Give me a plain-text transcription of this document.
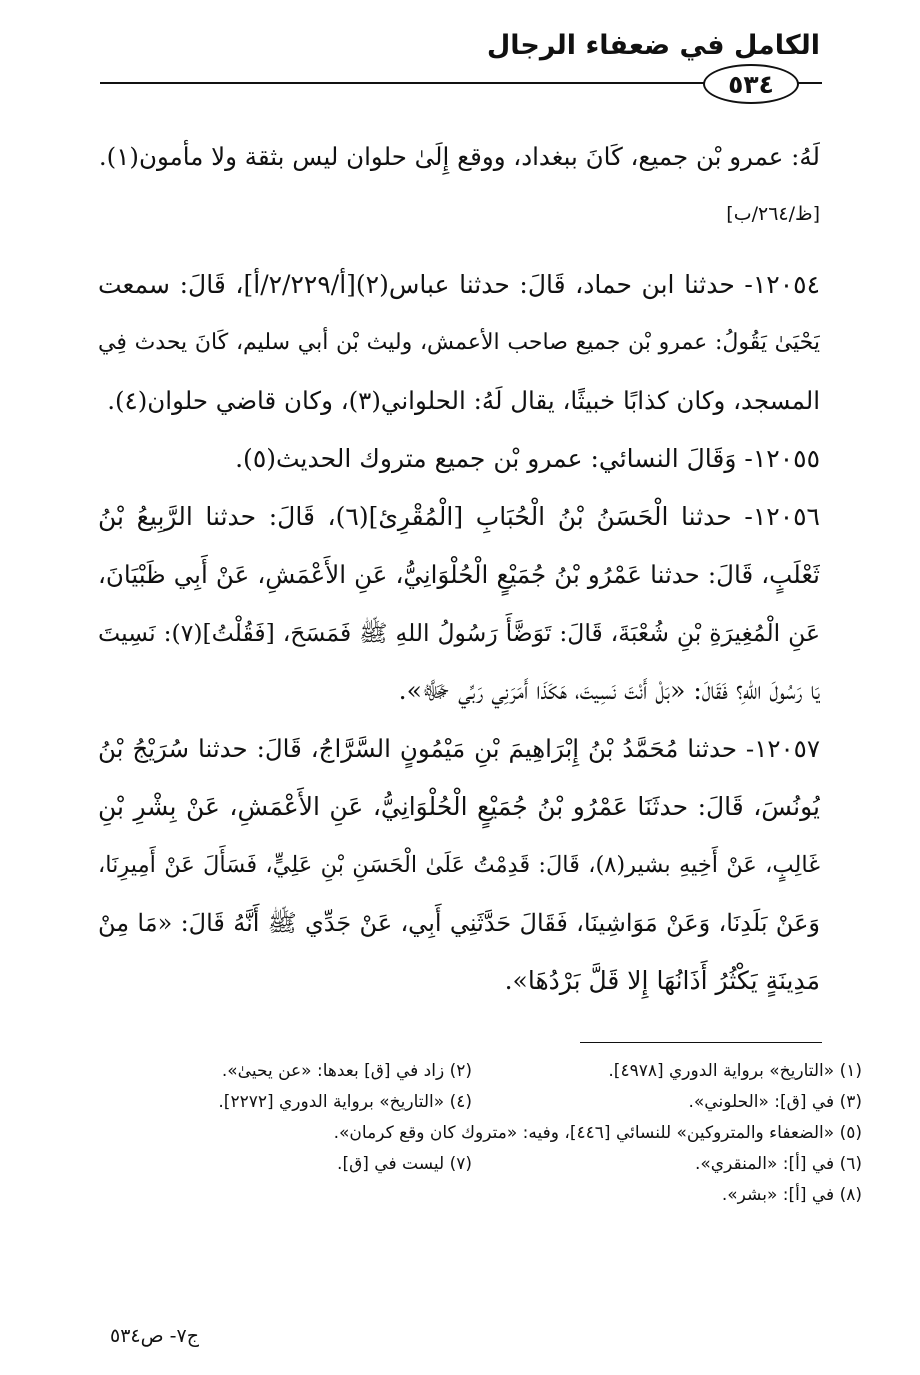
الكامل في ضعفاء الرجال
٥٣٤
لَهُ: عمرو بْن جميع، كَانَ ببغداد، ووقع إِلَىٰ حلوان ليس بثقة ولا مأمون(١).
[ظ/٢٦٤/ب]
١٢٠٥٤- حدثنا ابن حماد، قَالَ: حدثنا عباس(٢)[أ/٢/٢٢٩/أ]، قَالَ: سمعت
يَحْيَىٰ يَقُولُ: عمرو بْن جميع صاحب الأعمش، وليث بْن أبي سليم، كَانَ يحدث فِي
المسجد، وكان كذابًا خبيثًا، يقال لَهُ: الحلواني(٣)، وكان قاضي حلوان(٤).
١٢٠٥٥- وَقَالَ النسائي: عمرو بْن جميع متروك الحديث(٥).
١٢٠٥٦- حدثنا الْحَسَنُ بْنُ الْحُبَابِ [الْمُقْرِئ](٦)، قَالَ: حدثنا الرَّبِيعُ بْنُ
ثَعْلَبٍ، قَالَ: حدثنا عَمْرُو بْنُ جُمَيْعٍ الْحُلْوَانِيُّ، عَنِ الأَعْمَشِ، عَنْ أَبِي ظَبْيَانَ،
عَنِ الْمُغِيرَةِ بْنِ شُعْبَةَ، قَالَ: تَوَضَّأَ رَسُولُ اللهِ ﷺ فَمَسَحَ، [فَقُلْتُ](٧): نَسِيتَ
يَا رَسُولَ اللهِ؟ فَقَالَ: «بَلْ أَنْتَ نَسِيتَ، هَكَذَا أَمَرَنِي رَبِّي ﷻ».
١٢٠٥٧- حدثنا مُحَمَّدُ بْنُ إِبْرَاهِيمَ بْنِ مَيْمُونٍ السَّرَّاجُ، قَالَ: حدثنا سُرَيْجُ بْنُ
يُونُسَ، قَالَ: حدثَنَا عَمْرُو بْنُ جُمَيْعٍ الْحُلْوَانِيُّ، عَنِ الأَعْمَشِ، عَنْ بِشْرِ بْنِ
غَالِبٍ، عَنْ أَخِيهِ بشير(٨)، قَالَ: قَدِمْتُ عَلَىٰ الْحَسَنِ بْنِ عَلِيٍّ، فَسَأَلَ عَنْ أَمِيرِنَا،
وَعَنْ بَلَدِنَا، وَعَنْ مَوَاشِينَا، فَقَالَ حَدَّثَنِي أَبِي، عَنْ جَدِّي ﷺ أَنَّهُ قَالَ: «مَا مِنْ
مَدِينَةٍ يَكْثُرُ أَذَانُهَا إِلا قَلَّ بَرْدُهَا».
(١) «التاريخ» برواية الدوري [٤٩٧٨].
(٢) زاد في [ق] بعدها: «عن يحيىٰ».
(٣) في [ق]: «الحلوني».
(٤) «التاريخ» برواية الدوري [٢٢٧٢].
(٥) «الضعفاء والمتروكين» للنسائي [٤٤٦]، وفيه: «متروك كان وقع كرمان».
(٦) في [أ]: «المنقري».
(٧) ليست في [ق].
(٨) في [أ]: «بشر».
ج٧- ص٥٣٤
